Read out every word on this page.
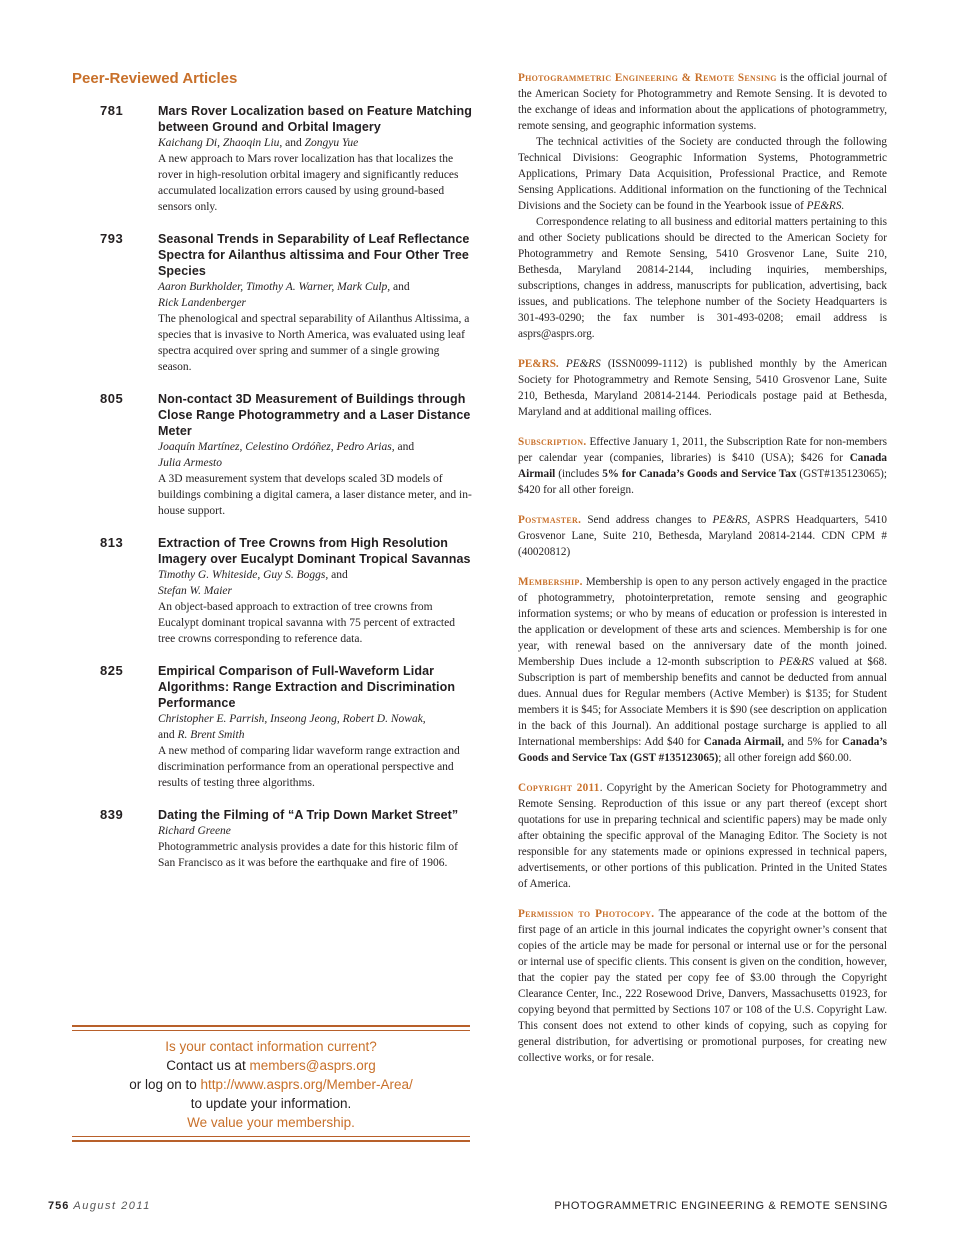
Peer-Reviewed Articles
781	Mars Rover Localization based on Feature Matching between Ground and Orbital Imagery
Kaichang Di, Zhaoqin Liu, and Zongyu Yue
A new approach to Mars rover localization has that localizes the rover in high-resolution orbital imagery and significantly reduces accumulated localization errors caused by using ground-based sensors only.
793	Seasonal Trends in Separability of Leaf Reflectance Spectra for Ailanthus altissima and Four Other Tree Species
Aaron Burkholder, Timothy A. Warner, Mark Culp, and
Rick Landenberger
The phenological and spectral separability of Ailanthus Altissima, a species that is invasive to North America, was evaluated using leaf spectra acquired over spring and summer of a single growing season.
805	Non-contact 3D Measurement of Buildings through Close Range Photogrammetry and a Laser Distance Meter
Joaquín Martínez, Celestino Ordóñez, Pedro Arias, and
Julia Armesto
A 3D measurement system that develops scaled 3D models of buildings combining a digital camera, a laser distance meter, and in-house support.
813	Extraction of Tree Crowns from High Resolution Imagery over Eucalypt Dominant Tropical Savannas
Timothy G. Whiteside, Guy S. Boggs, and
Stefan W. Maier
An object-based approach to extraction of tree crowns from Eucalypt dominant tropical savanna with 75 percent of extracted tree crowns corresponding to reference data.
825	Empirical Comparison of Full-Waveform Lidar Algorithms: Range Extraction and Discrimination Performance
Christopher E. Parrish, Inseong Jeong, Robert D. Nowak,
and R. Brent Smith
A new method of comparing lidar waveform range extraction and discrimination performance from an operational perspective and results of testing three algorithms.
839	Dating the Filming of “A Trip Down Market Street”
Richard Greene
Photogrammetric analysis provides a date for this historic film of San Francisco as it was before the earthquake and fire of 1906.
Is your contact information current?
Contact us at members@asprs.org
or log on to http://www.asprs.org/Member-Area/
to update your information.
We value your membership.

Photogrammetric Engineering & Remote Sensing is the official journal of the American Society for Photogrammetry and Remote Sensing. It is devoted to the exchange of ideas and information about the applications of photogrammetry, remote sensing, and geographic information systems.

The technical activities of the Society are conducted through the following Technical Divisions: Geographic Information Systems, Photogrammetric Applications, Primary Data Acquisition, Professional Practice, and Remote Sensing Applications. Additional information on the functioning of the Technical Divisions and the Society can be found in the Yearbook issue of PE&RS.

Correspondence relating to all business and editorial matters pertaining to this and other Society publications should be directed to the American Society for Photogrammetry and Remote Sensing, 5410 Grosvenor Lane, Suite 210, Bethesda, Maryland 20814-2144, including inquiries, memberships, subscriptions, changes in address, manuscripts for publication, advertising, back issues, and publications. The telephone number of the Society Headquarters is 301-493-0290; the fax number is 301-493-0208; email address is asprs@asprs.org.

PE&RS. PE&RS (ISSN0099-1112) is published monthly by the American Society for Photogrammetry and Remote Sensing, 5410 Grosvenor Lane, Suite 210, Bethesda, Maryland 20814-2144. Periodicals postage paid at Bethesda, Maryland and at additional mailing offices.

Subscription. Effective January 1, 2011, the Subscription Rate for non-members per calendar year (companies, libraries) is $410 (USA); $426 for Canada Airmail (includes 5% for Canada’s Goods and Service Tax (GST#135123065); $420 for all other foreign.

Postmaster. Send address changes to PE&RS, ASPRS Headquarters, 5410 Grosvenor Lane, Suite 210, Bethesda, Maryland 20814-2144. CDN CPM #(40020812)

Membership. Membership is open to any person actively engaged in the practice of photogrammetry, photointerpretation, remote sensing and geographic information systems; or who by means of education or profession is interested in the application or development of these arts and sciences. Membership is for one year, with renewal based on the anniversary date of the month joined. Membership Dues include a 12-month subscription to PE&RS valued at $68. Subscription is part of membership benefits and cannot be deducted from annual dues. Annual dues for Regular members (Active Member) is $135; for Student members it is $45; for Associate Members it is $90 (see description on application in the back of this Journal). An additional postage surcharge is applied to all International memberships: Add $40 for Canada Airmail, and 5% for Canada’s Goods and Service Tax (GST #135123065); all other foreign add $60.00.

Copyright 2011. Copyright by the American Society for Photogrammetry and Remote Sensing. Reproduction of this issue or any part thereof (except short quotations for use in preparing technical and scientific papers) may be made only after obtaining the specific approval of the Managing Editor. The Society is not responsible for any statements made or opinions expressed in technical papers, advertisements, or other portions of this publication. Printed in the United States of America.

Permission to Photocopy. The appearance of the code at the bottom of the first page of an article in this journal indicates the copyright owner’s consent that copies of the article may be made for personal or internal use or for the personal or internal use of specific clients. This consent is given on the condition, however, that the copier pay the stated per copy fee of $3.00 through the Copyright Clearance Center, Inc., 222 Rosewood Drive, Danvers, Massachusetts 01923, for copying beyond that permitted by Sections 107 or 108 of the U.S. Copyright Law. This consent does not extend to other kinds of copying, such as copying for general distribution, for advertising or promotional purposes, for creating new collective works, or for resale.

756 August 2011	PHOTOGRAMMETRIC ENGINEERING & REMOTE SENSING
